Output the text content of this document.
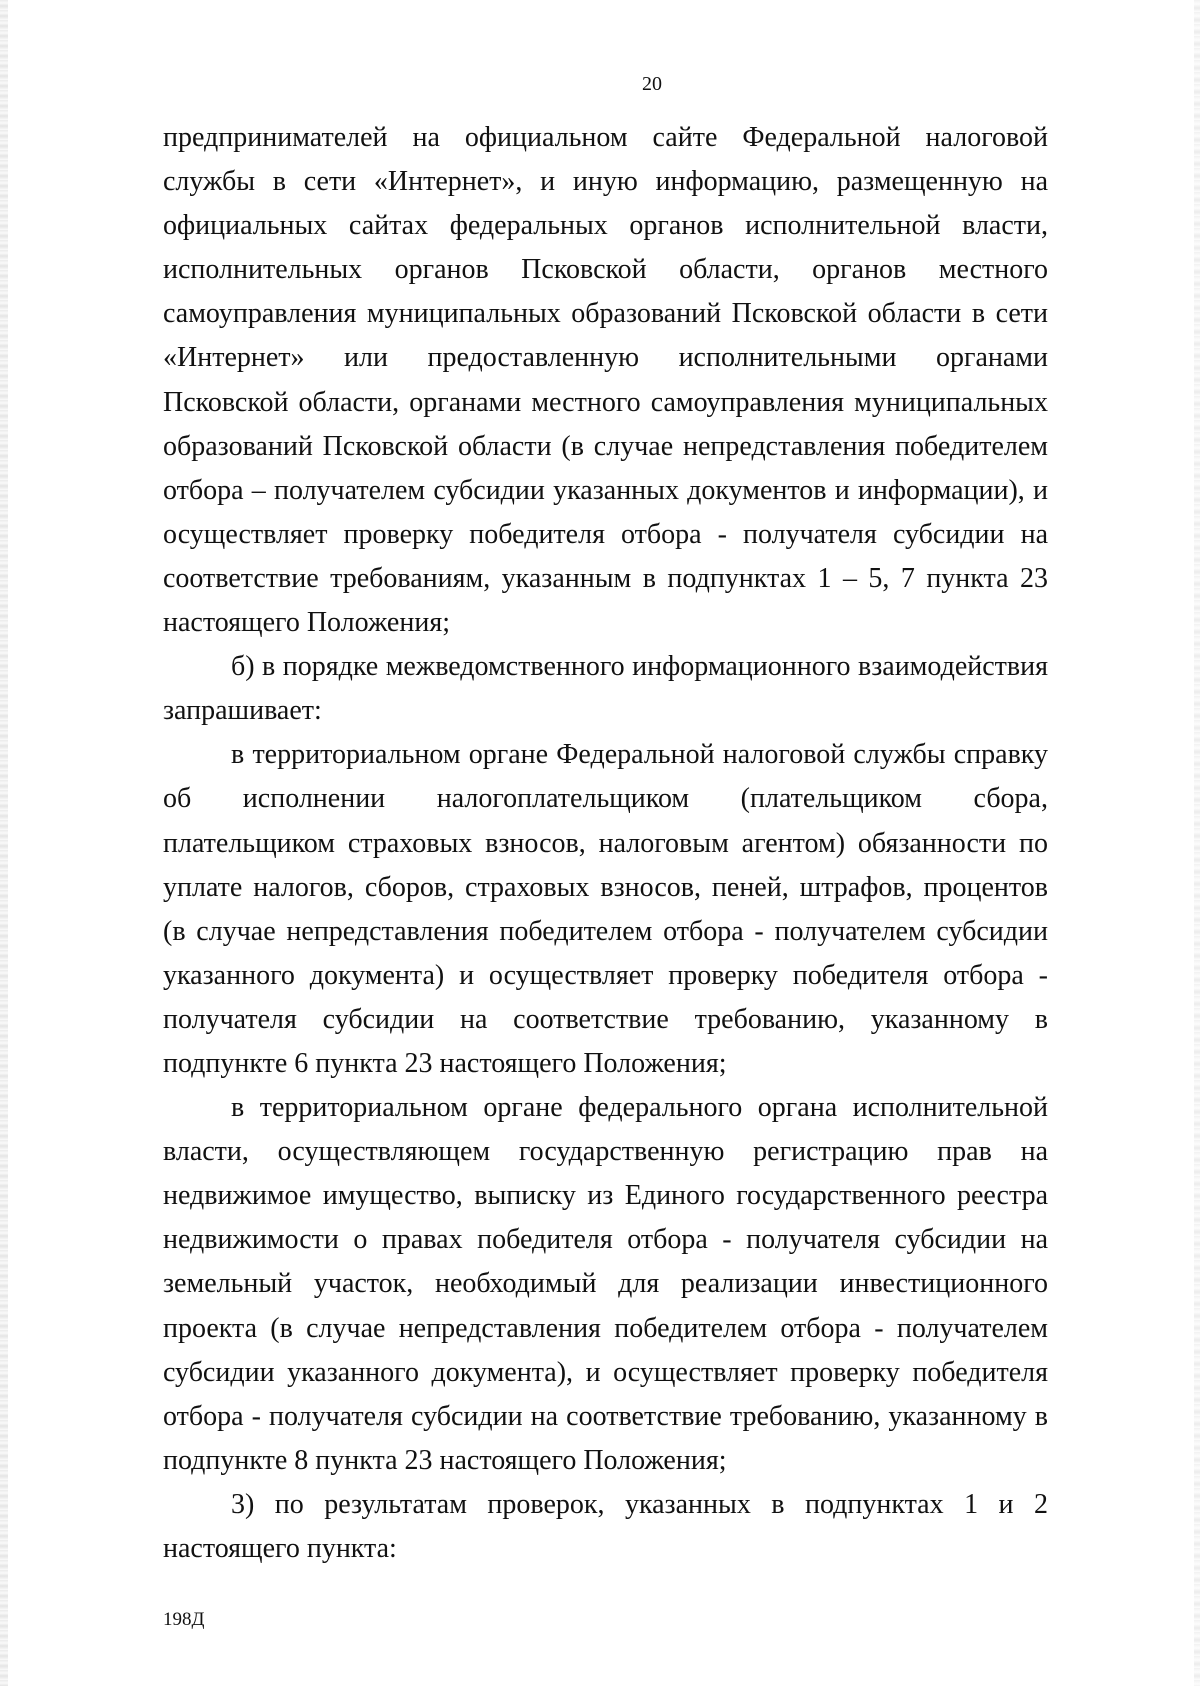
20

предпринимателей на официальном сайте Федеральной налоговой службы в сети «Интернет», и иную информацию, размещенную на официальных сайтах федеральных органов исполнительной власти, исполнительных органов Псковской области, органов местного самоуправления муниципальных образований Псковской области в сети «Интернет» или предоставленную исполнительными органами Псковской области, органами местного самоуправления муниципальных образований Псковской области (в случае непредставления победителем отбора – получателем субсидии указанных документов и информации), и осуществляет проверку победителя отбора - получателя субсидии на соответствие требованиям, указанным в подпунктах 1 – 5, 7 пункта 23 настоящего Положения;

б) в порядке межведомственного информационного взаимодействия запрашивает:

в территориальном органе Федеральной налоговой службы справку об исполнении налогоплательщиком (плательщиком сбора, плательщиком страховых взносов, налоговым агентом) обязанности по уплате налогов, сборов, страховых взносов, пеней, штрафов, процентов (в случае непредставления победителем отбора - получателем субсидии указанного документа) и осуществляет проверку победителя отбора - получателя субсидии на соответствие требованию, указанному в подпункте 6 пункта 23 настоящего Положения;

в территориальном органе федерального органа исполнительной власти, осуществляющем государственную регистрацию прав на недвижимое имущество, выписку из Единого государственного реестра недвижимости о правах победителя отбора - получателя субсидии на земельный участок, необходимый для реализации инвестиционного проекта (в случае непредставления победителем отбора - получателем субсидии указанного документа), и осуществляет проверку победителя отбора - получателя субсидии на соответствие требованию, указанному в подпункте 8 пункта 23 настоящего Положения;

3) по результатам проверок, указанных в подпунктах 1 и 2 настоящего пункта:

198Д
